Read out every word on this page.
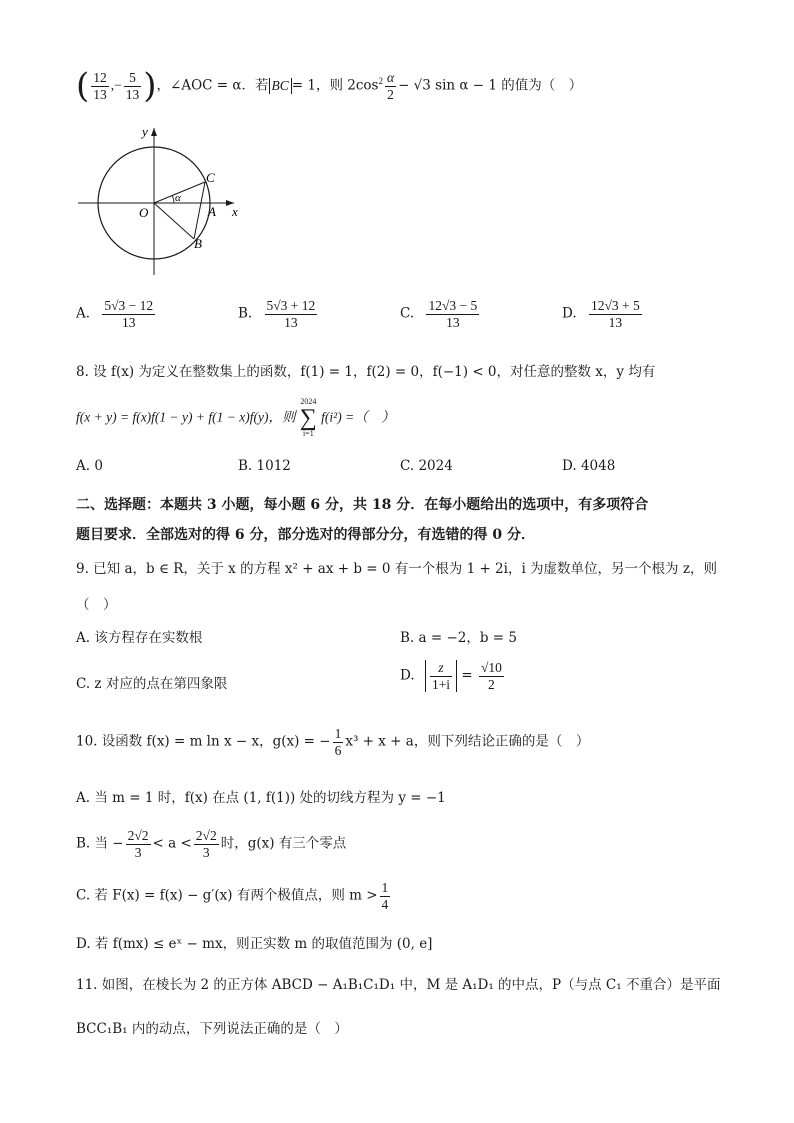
( $\frac{12}{13}$ ,− $\frac{5}{13}$ )，∠AOC = α．若 BC = 1，则 $2\cos^2 \frac{\alpha}{2} - √3$ sin α − 1 的值为（　）
y
x
O
C
A
B
α
A. $\frac{5√3 - 12}{13}$	B. $\frac{5√3 + 12}{13}$	C. $\frac{12√3 - 5}{13}$	D. $\frac{12√3 + 5}{13}$
8. 设 f(x) 为定义在整数集上的函数，f(1) = 1，f(2) = 0，f(−1) < 0，对任意的整数 x，y 均有
f(x + y) = f(x)f(1 − y) + f(1 − x)f(y)，则
2024
∑
i=1
f(i²) =（　）
A. 0	B. 1012	C. 2024	D. 4048
二、选择题：本题共 3 小题，每小题 6 分，共 18 分．在每小题给出的选项中，有多项符合
题目要求．全部选对的得 6 分，部分选对的得部分分，有选错的得 0 分．
9. 已知 a，b ∈ R，关于 x 的方程 x² + ax + b = 0 有一个根为 1 + 2i，i 为虚数单位，另一个根为 z，则
（　）
A. 该方程存在实数根	B. a = −2，b = 5
C. z 对应的点在第四象限
D. $\frac{z}{1+i} = \frac{√10}{2}$
10. 设函数 f(x) = m ln x − x，g(x) = − $\frac{1}{6} x^3 + x + a$，则下列结论正确的是（　）
A. 当 m = 1 时，f(x) 在点 (1, f(1)) 处的切线方程为 y = −1
B. 当 − $\frac{2√2}{3} < a < \frac{2√2}{3}$ 时，g(x) 有三个零点
C. 若 F(x) = f(x) − g′(x) 有两个极值点，则 $m > \frac{1}{4}$
D. 若 f(mx) ≤ eˣ − mx，则正实数 m 的取值范围为 (0, e]
11. 如图，在棱长为 2 的正方体 ABCD − A₁B₁C₁D₁ 中，M 是 A₁D₁ 的中点，P（与点 C₁ 不重合）是平面
BCC₁B₁ 内的动点，下列说法正确的是（　）
